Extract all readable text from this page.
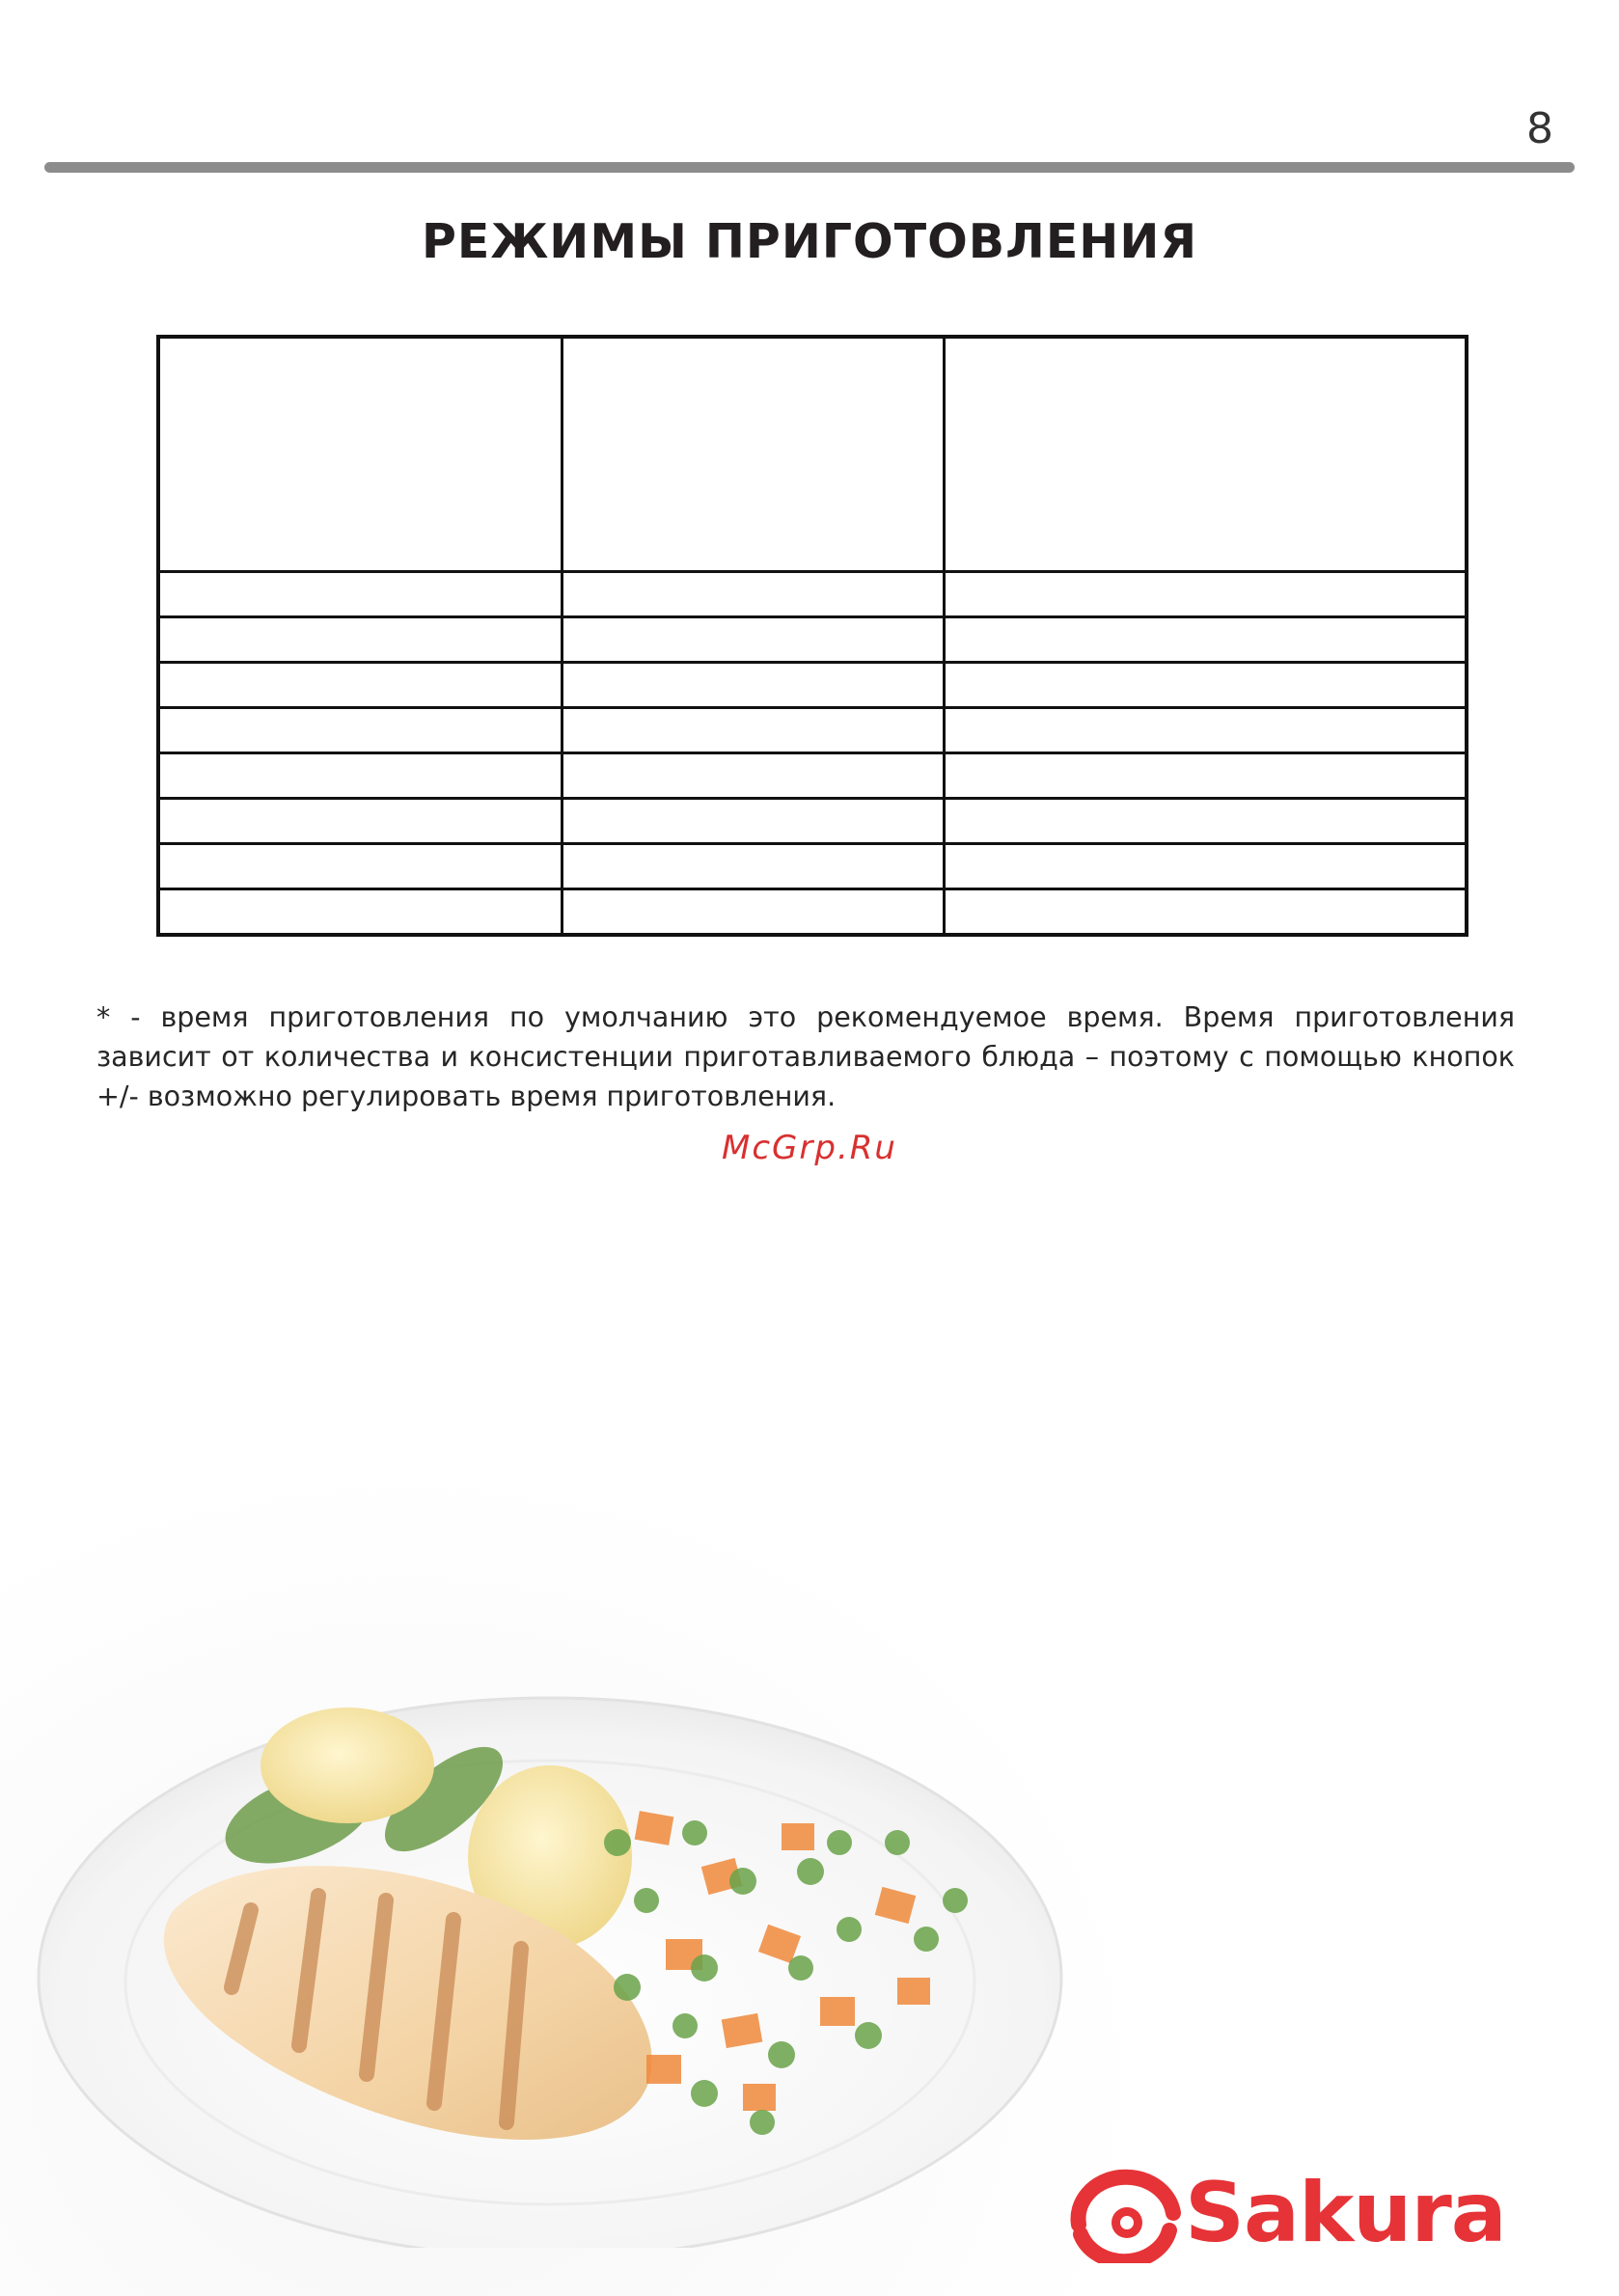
8
РЕЖИМЫ ПРИГОТОВЛЕНИЯ

* - время приготовления по умолчанию это рекомендуемое время. Время приготовления зависит от количества и консистенции приготавливаемого блюда – поэтому с помощью кнопок +/- возможно регулировать время приготовления.
McGrp.Ru
Sakura
